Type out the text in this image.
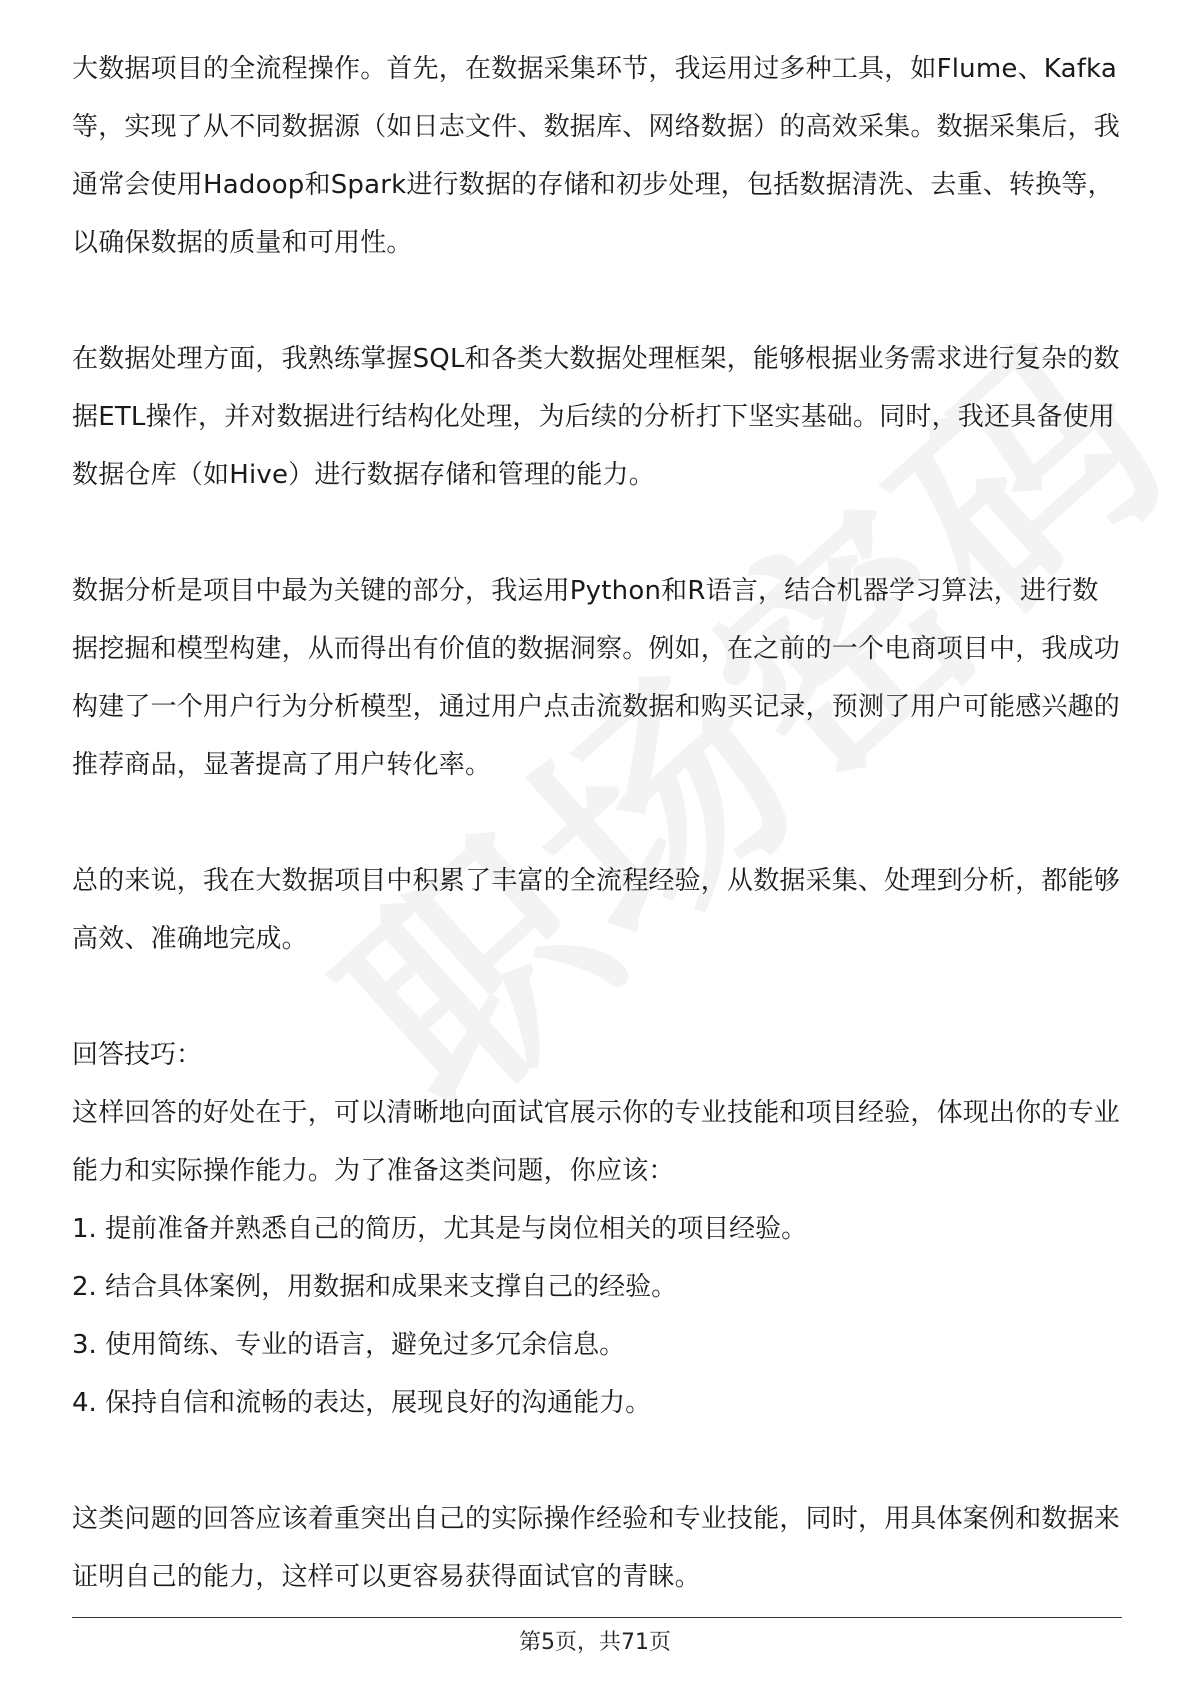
大数据项目的全流程操作。首先，在数据采集环节，我运用过多种工具，如Flume、Kafka等，实现了从不同数据源（如日志文件、数据库、网络数据）的高效采集。数据采集后，我通常会使用Hadoop和Spark进行数据的存储和初步处理，包括数据清洗、去重、转换等，以确保数据的质量和可用性。

在数据处理方面，我熟练掌握SQL和各类大数据处理框架，能够根据业务需求进行复杂的数据ETL操作，并对数据进行结构化处理，为后续的分析打下坚实基础。同时，我还具备使用数据仓库（如Hive）进行数据存储和管理的能力。

数据分析是项目中最为关键的部分，我运用Python和R语言，结合机器学习算法，进行数据挖掘和模型构建，从而得出有价值的数据洞察。例如，在之前的一个电商项目中，我成功构建了一个用户行为分析模型，通过用户点击流数据和购买记录，预测了用户可能感兴趣的推荐商品，显著提高了用户转化率。

总的来说，我在大数据项目中积累了丰富的全流程经验，从数据采集、处理到分析，都能够高效、准确地完成。

回答技巧：

这样回答的好处在于，可以清晰地向面试官展示你的专业技能和项目经验，体现出你的专业能力和实际操作能力。为了准备这类问题，你应该：

1. 提前准备并熟悉自己的简历，尤其是与岗位相关的项目经验。

2. 结合具体案例，用数据和成果来支撑自己的经验。

3. 使用简练、专业的语言，避免过多冗余信息。

4. 保持自信和流畅的表达，展现良好的沟通能力。

这类问题的回答应该着重突出自己的实际操作经验和专业技能，同时，用具体案例和数据来证明自己的能力，这样可以更容易获得面试官的青睐。

第5页，共71页
